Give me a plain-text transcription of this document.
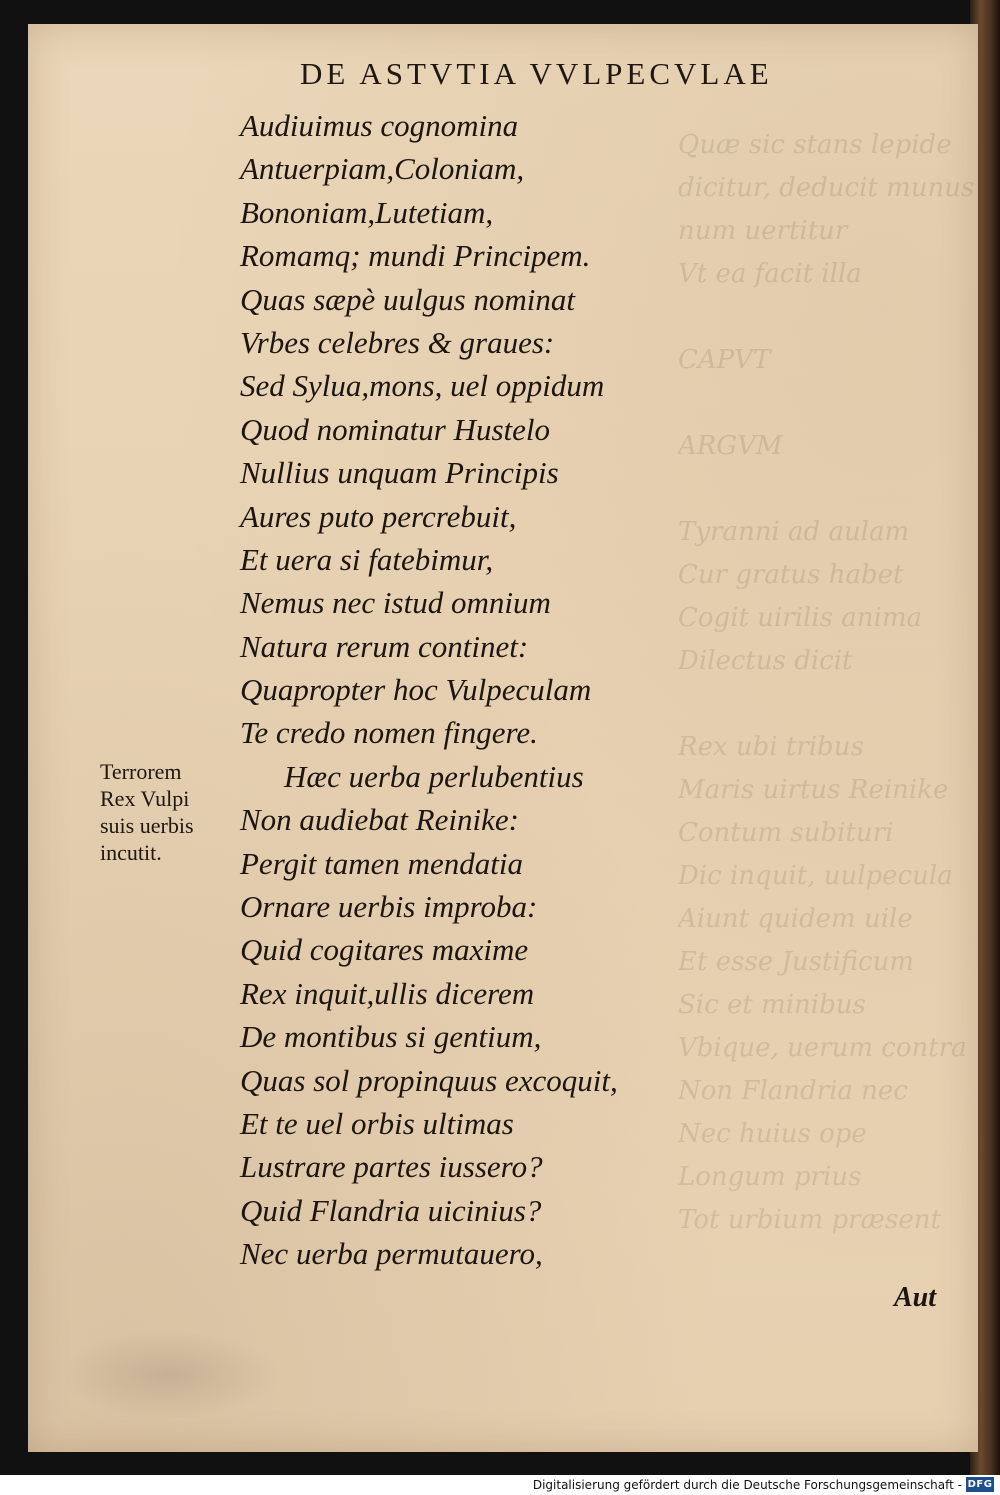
Quæ sic stans lepide
dicitur, deducit munus
num uertitur
Vt ea facit illa

CAPVT

ARGVM

Tyranni ad aulam
Cur gratus habet
Cogit uirilis anima
Dilectus dicit

Rex ubi tribus
Maris uirtus Reinike
Contum subituri
Dic inquit, uulpecula
Aiunt quidem uile
Et esse Justificum
Sic et minibus
Vbique, uerum contra
Non Flandria nec
Nec huius ope
Longum prius
Tot urbium præsent
DE ASTVTIA VVLPECVLAE
Audiuimus cognomina
Antuerpiam,Coloniam,
Bononiam,Lutetiam,
Romamq; mundi Principem.
Quas sæpè uulgus nominat
Vrbes celebres & graues:
Sed Sylua,mons, uel oppidum
Quod nominatur Hustelo
Nullius unquam Principis
Aures puto percrebuit,
Et uera si fatebimur,
Nemus nec istud omnium
Natura rerum continet:
Quapropter hoc Vulpeculam
Te credo nomen fingere.
Hæc uerba perlubentius
Non audiebat Reinike:
Pergit tamen mendatia
Ornare uerbis improba:
Quid cogitares maxime
Rex inquit,ullis dicerem
De montibus si gentium,
Quas sol propinquus excoquit,
Et te uel orbis ultimas
Lustrare partes iussero?
Quid Flandria uicinius?
Nec uerba permutauero,
Terrorem
Rex Vulpi
suis uerbis
incutit.
Aut
Digitalisierung gefördert durch die Deutsche Forschungsgemeinschaft - DFG
